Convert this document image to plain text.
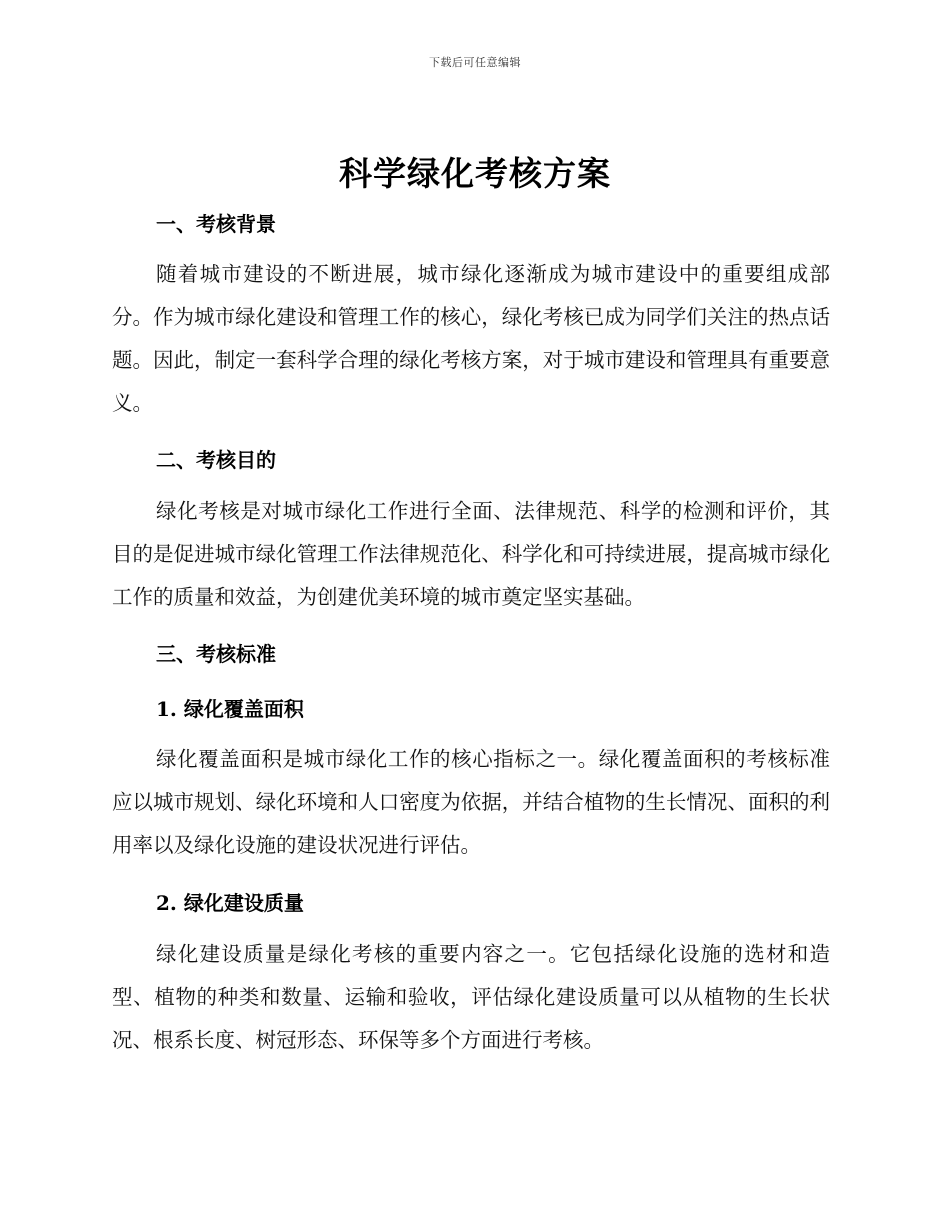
下载后可任意编辑
科学绿化考核方案
一、考核背景
随着城市建设的不断进展，城市绿化逐渐成为城市建设中的重要组成部分。作为城市绿化建设和管理工作的核心，绿化考核已成为同学们关注的热点话题。因此，制定一套科学合理的绿化考核方案，对于城市建设和管理具有重要意义。
二、考核目的
绿化考核是对城市绿化工作进行全面、法律规范、科学的检测和评价，其目的是促进城市绿化管理工作法律规范化、科学化和可持续进展，提高城市绿化工作的质量和效益，为创建优美环境的城市奠定坚实基础。
三、考核标准
1. 绿化覆盖面积
绿化覆盖面积是城市绿化工作的核心指标之一。绿化覆盖面积的考核标准应以城市规划、绿化环境和人口密度为依据，并结合植物的生长情况、面积的利用率以及绿化设施的建设状况进行评估。
2. 绿化建设质量
绿化建设质量是绿化考核的重要内容之一。它包括绿化设施的选材和造型、植物的种类和数量、运输和验收，评估绿化建设质量可以从植物的生长状况、根系长度、树冠形态、环保等多个方面进行考核。
